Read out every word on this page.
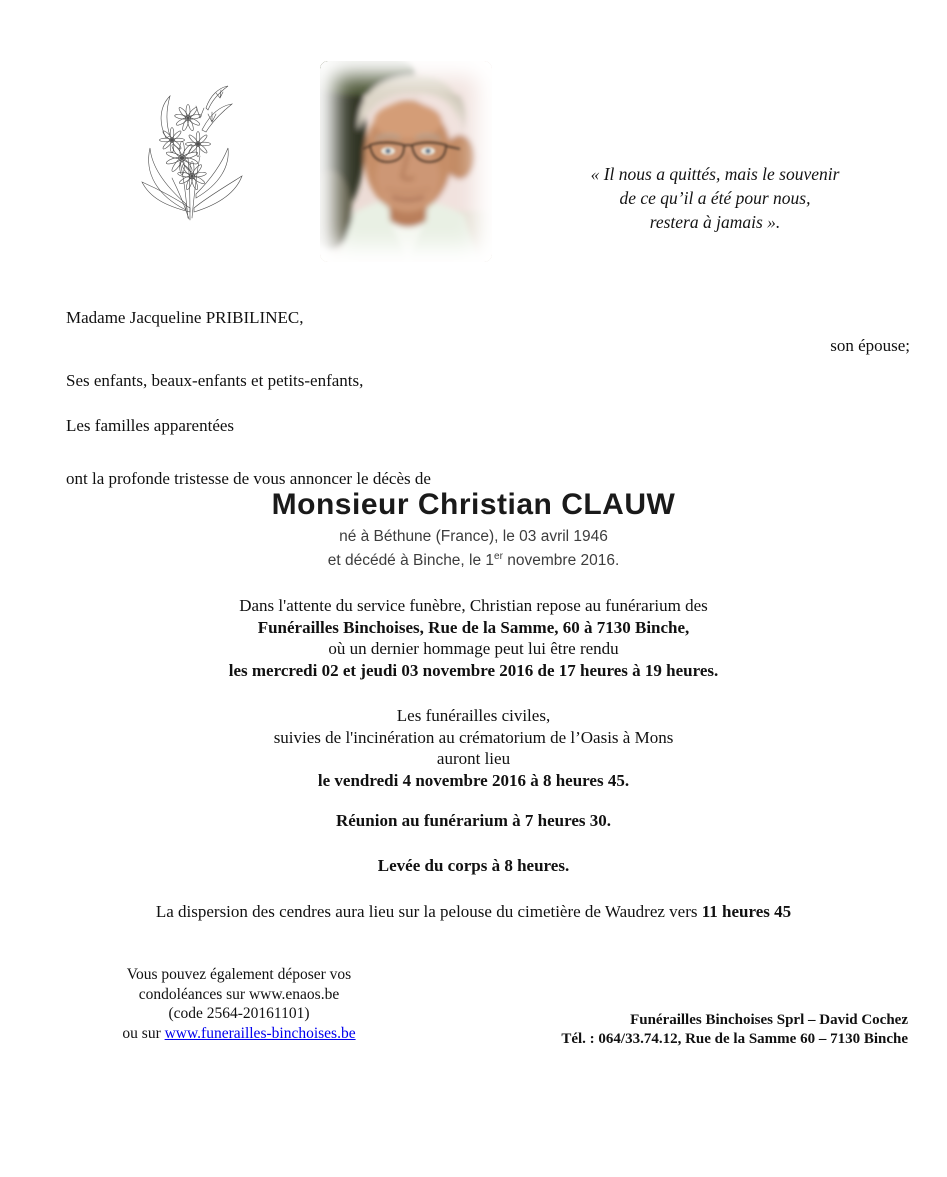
« Il nous a quittés, mais le souvenir
de ce qu’il a été pour nous,
restera à jamais ».
Madame Jacqueline PRIBILINEC,
son épouse;
Ses enfants, beaux-enfants et petits-enfants,
Les familles apparentées
ont la profonde tristesse de vous annoncer le décès de
Monsieur Christian CLAUW
né à Béthune (France), le 03 avril 1946
et décédé à Binche, le 1er novembre 2016.
Dans l'attente du service funèbre, Christian repose au funérarium des
Funérailles Binchoises, Rue de la Samme, 60 à 7130 Binche,
où un dernier hommage peut lui être rendu
les mercredi 02 et jeudi 03 novembre 2016 de 17 heures à 19 heures.
Les funérailles civiles,
suivies de l'incinération au crématorium de l’Oasis à Mons
auront lieu
le vendredi 4 novembre 2016 à 8 heures 45.
Réunion au funérarium à 7 heures 30.
Levée du corps à 8 heures.
La dispersion des cendres aura lieu sur la pelouse du cimetière de Waudrez vers 11 heures 45
Vous pouvez également déposer vos
condoléances sur www.enaos.be
(code 2564-20161101)
ou sur www.funerailles-binchoises.be
Funérailles Binchoises Sprl – David Cochez
Tél. : 064/33.74.12, Rue de la Samme 60 – 7130 Binche
